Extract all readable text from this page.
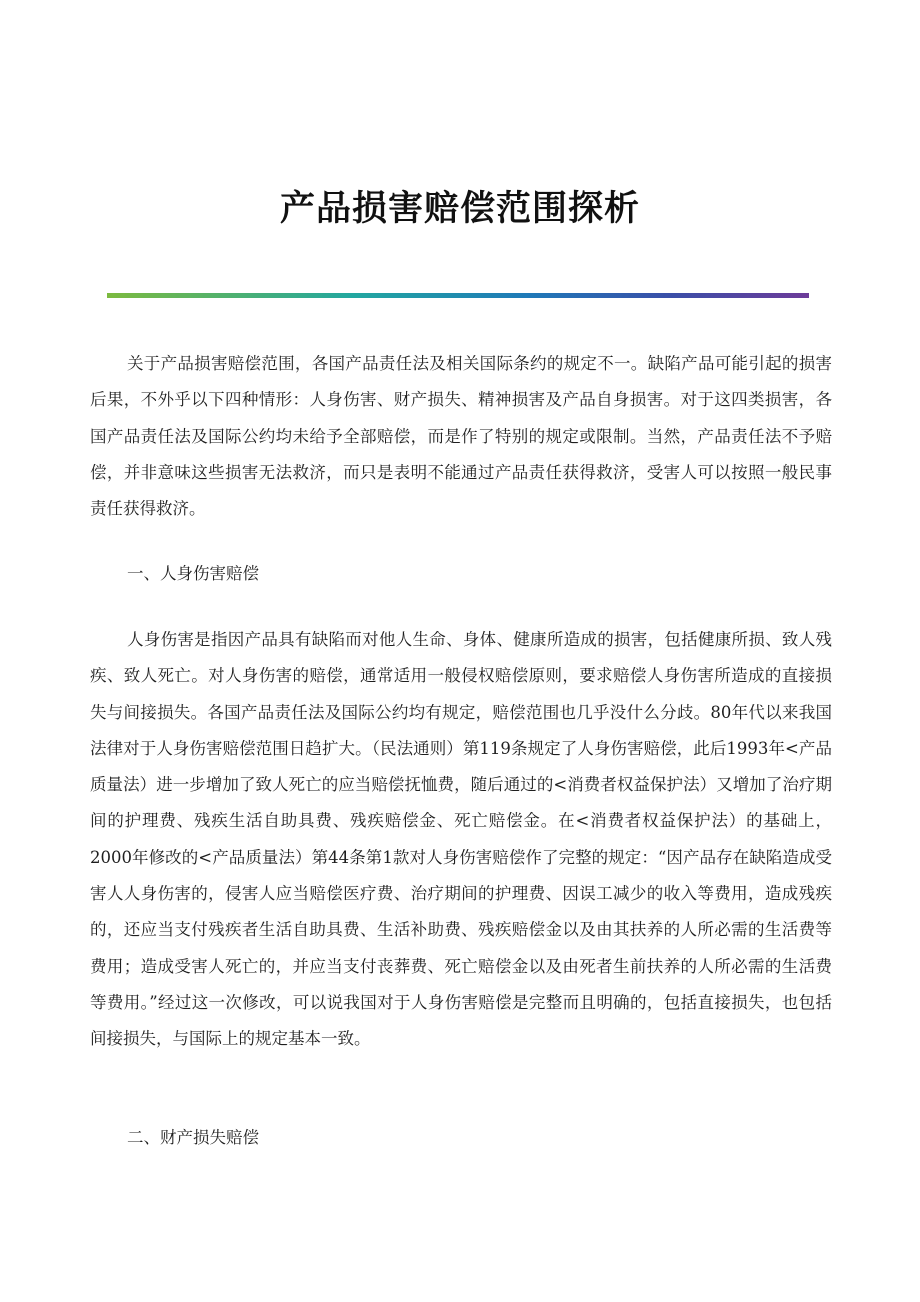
产品损害赔偿范围探析

关于产品损害赔偿范围，各国产品责任法及相关国际条约的规定不一。缺陷产品可能引起的损害后果，不外乎以下四种情形：人身伤害、财产损失、精神损害及产品自身损害。对于这四类损害，各国产品责任法及国际公约均未给予全部赔偿，而是作了特别的规定或限制。当然，产品责任法不予赔偿，并非意味这些损害无法救济，而只是表明不能通过产品责任获得救济，受害人可以按照一般民事责任获得救济。

一、人身伤害赔偿

人身伤害是指因产品具有缺陷而对他人生命、身体、健康所造成的损害，包括健康所损、致人残疾、致人死亡。对人身伤害的赔偿，通常适用一般侵权赔偿原则，要求赔偿人身伤害所造成的直接损失与间接损失。各国产品责任法及国际公约均有规定，赔偿范围也几乎没什么分歧。80年代以来我国法律对于人身伤害赔偿范围日趋扩大。（民法通则）第119条规定了人身伤害赔偿，此后1993年<产品质量法）进一步增加了致人死亡的应当赔偿抚恤费，随后通过的<消费者权益保护法）又增加了治疗期间的护理费、残疾生活自助具费、残疾赔偿金、死亡赔偿金。在<消费者权益保护法）的基础上，2000年修改的<产品质量法）第44条第1款对人身伤害赔偿作了完整的规定：“因产品存在缺陷造成受害人人身伤害的，侵害人应当赔偿医疗费、治疗期间的护理费、因误工减少的收入等费用，造成残疾的，还应当支付残疾者生活自助具费、生活补助费、残疾赔偿金以及由其扶养的人所必需的生活费等费用；造成受害人死亡的，并应当支付丧葬费、死亡赔偿金以及由死者生前扶养的人所必需的生活费等费用。”经过这一次修改，可以说我国对于人身伤害赔偿是完整而且明确的，包括直接损失，也包括间接损失，与国际上的规定基本一致。

二、财产损失赔偿
